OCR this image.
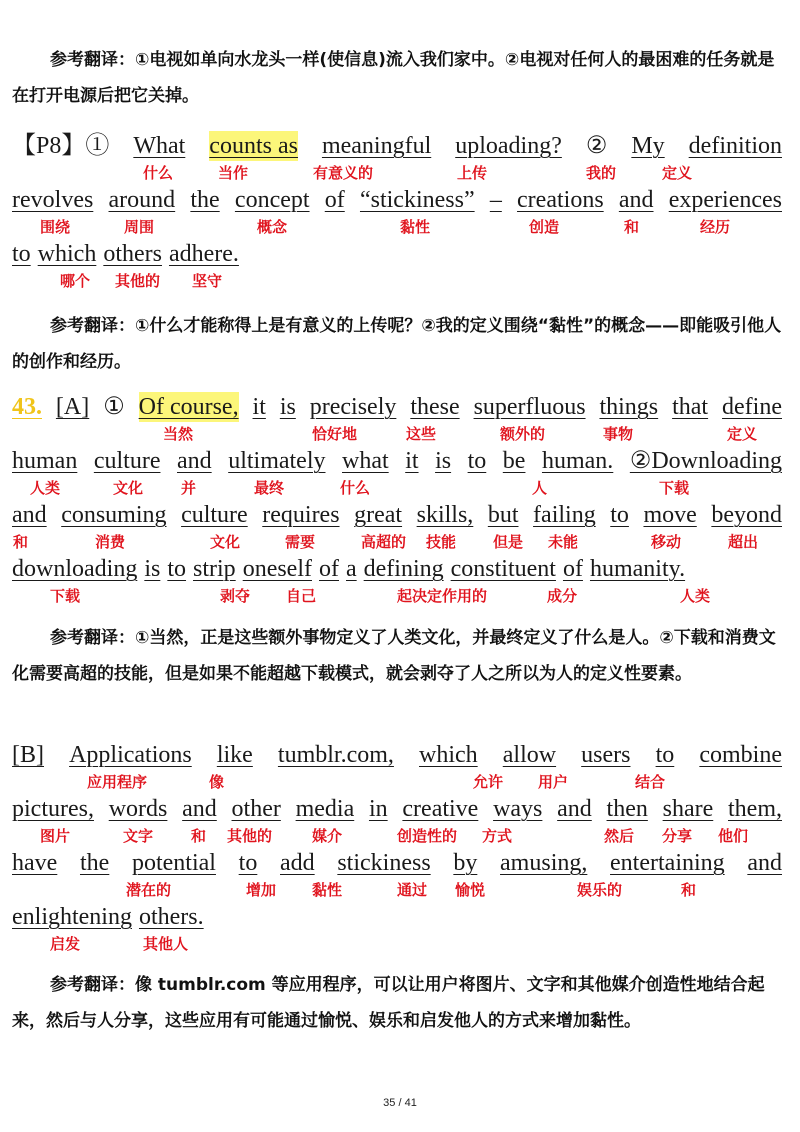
参考翻译：①电视如单向水龙头一样(使信息)流入我们家中。②电视对任何人的最困难的任务就是在打开电源后把它关掉。
【P8】① What counts as meaningful uploading? ② My definition
什么	当作	有意义的	上传	我的	定义
revolves around the concept of “stickiness” – creations and experiences
围绕	周围	概念	黏性	创造	和	经历
to which others adhere.
哪个 其他的 坚守
参考翻译：①什么才能称得上是有意义的上传呢？②我的定义围绕“黏性”的概念——即能吸引他人的创作和经历。
43. [A] ① Of course, it is precisely these superfluous things that define
当然	恰好地	这些	额外的	事物	定义
human culture and ultimately what it is to be human. ②Downloading
人类	文化	并	最终	什么	人	下载
and consuming culture requires great skills, but failing to move beyond
和	消费	文化	需要	高超的 技能 但是 未能	移动	超出
downloading is to strip oneself of a defining constituent of humanity.
下载	剥夺 自己	起决定作用的	成分	人类
参考翻译：①当然，正是这些额外事物定义了人类文化，并最终定义了什么是人。②下载和消费文化需要高超的技能，但是如果不能超越下载模式，就会剥夺了人之所以为人的定义性要素。
[B] Applications like tumblr.com, which allow users to combine
应用程序	像	允许 用户	结合
pictures, words and other media in creative ways and then share them,
图片	文字	和 其他的	媒介	创造性的 方式	然后 分享 他们
have the potential to add stickiness by amusing, entertaining and
潜在的	增加 黏性	通过 愉悦	娱乐的	和
enlightening others.
启发	其他人
参考翻译：像 tumblr.com 等应用程序，可以让用户将图片、文字和其他媒介创造性地结合起来，然后与人分享，这些应用有可能通过愉悦、娱乐和启发他人的方式来增加黏性。
35 / 41
